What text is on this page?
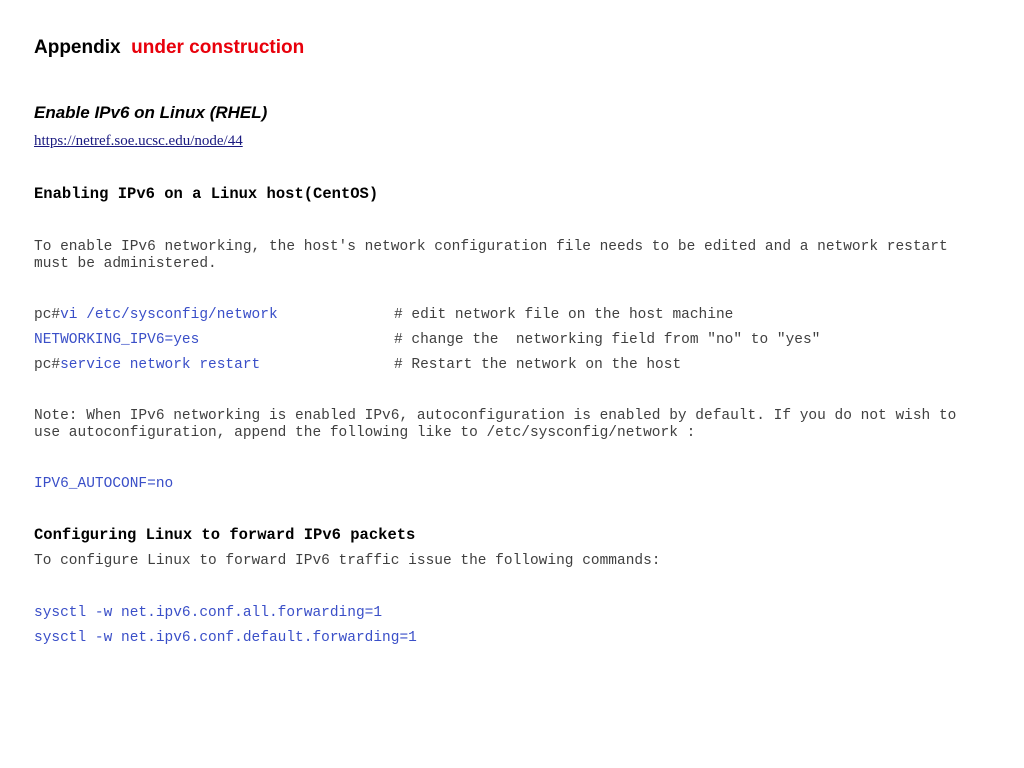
Appendix under construction
Enable IPv6 on Linux (RHEL)
https://netref.soe.ucsc.edu/node/44
Enabling IPv6 on a Linux host(CentOS)
To enable IPv6 networking, the host's network configuration file needs to be edited and a network restart
must be administered.
pc#vi /etc/sysconfig/network	# edit network file on the host machine
NETWORKING_IPV6=yes	# change the  networking field from "no" to "yes"
pc#service network restart	# Restart the network on the host
Note: When IPv6 networking is enabled IPv6, autoconfiguration is enabled by default. If you do not wish to
use autoconfiguration, append the following like to /etc/sysconfig/network :
IPV6_AUTOCONF=no
Configuring Linux to forward IPv6 packets
To configure Linux to forward IPv6 traffic issue the following commands:
sysctl -w net.ipv6.conf.all.forwarding=1
sysctl -w net.ipv6.conf.default.forwarding=1
